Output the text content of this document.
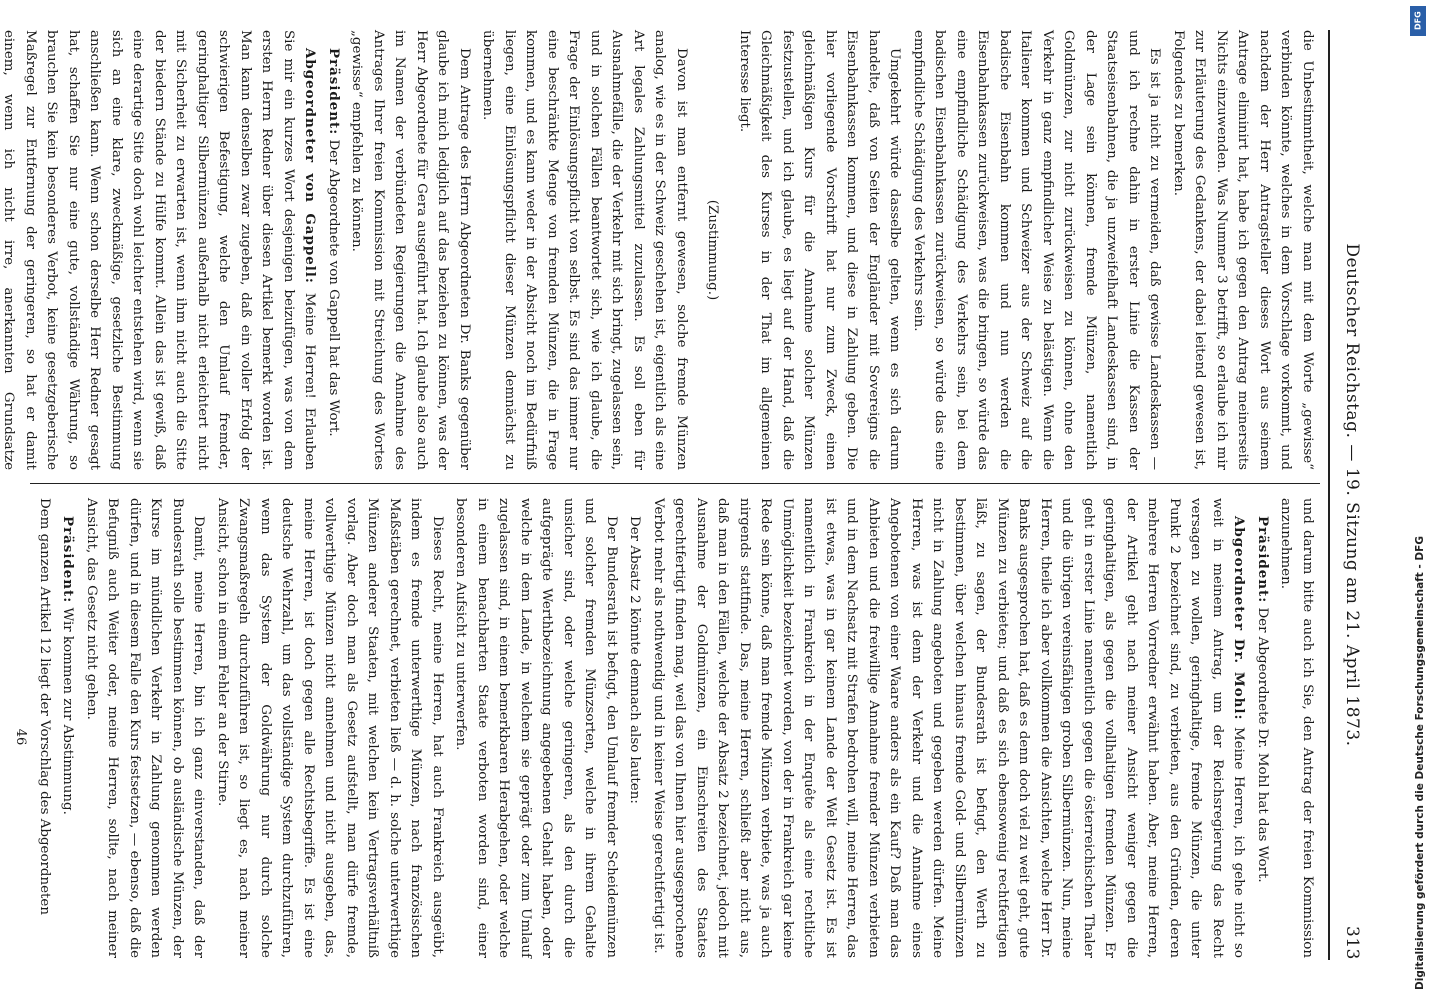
Deutscher Reichstag. — 19. Sitzung am 21. April 1873.
313

die Unbestimmtheit, welche man mit dem Worte „gewisse“ verbinden könnte, welches in dem Vorschlage vorkommt, und nachdem der Herr Antragsteller dieses Wort aus seinem Antrage eliminirt hat, habe ich gegen den Antrag meinerseits Nichts einzuwenden. Was Nummer 3 betrifft, so erlaube ich mir zur Erläuterung des Gedankens, der dabei leitend gewesen ist, Folgendes zu bemerken.

Es ist ja nicht zu vermeiden, daß gewisse Landeskassen — und ich rechne dahin in erster Linie die Kassen der Staatseisenbahnen, die ja unzweifelhaft Landeskassen sind, in der Lage sein können, fremde Münzen, namentlich Goldmünzen, zur nicht zurückweisen zu können, ohne den Verkehr in ganz empfindlicher Weise zu belästigen. Wenn die Italiener kommen und Schweizer aus der Schweiz auf die badische Eisenbahn kommen und nun werden die Eisenbahnkassen zurückweisen, was die bringen, so würde das eine empfindliche Schädigung des Verkehrs sein, bei dem badischen Eisenbahnkassen zurückweisen, so würde das eine empfindliche Schädigung des Verkehrs sein.

Umgekehrt würde dasselbe gelten, wenn es sich darum handelte, daß von Seiten der Engländer mit Sovereigns die Eisenbahnkassen kommen, und diese in Zahlung geben. Die hier vorliegende Vorschrift hat nur zum Zweck, einen gleichmäßigen Kurs für die Annahme solcher Münzen festzustellen, und ich glaube, es liegt auf der Hand, daß die Gleichmäßigkeit des Kurses in der That im allgemeinen Interesse liegt.

(Zustimmung.)

Davon ist man entfernt gewesen, solche fremde Münzen analog, wie es in der Schweiz geschehen ist, eigentlich als eine Art legales Zahlungsmittel zuzulassen. Es soll eben für Ausnahmefälle, die der Verkehr mit sich bringt, zugelassen sein, und in solchen Fällen beantwortet sich, wie ich glaube, die Frage der Einlösungspflicht von selbst. Es sind das immer nur eine beschränkte Menge von fremden Münzen, die in Frage kommen, und es kann weder in der Absicht noch im Bedürfniß liegen, eine Einlösungspflicht dieser Münzen demnächst zu übernehmen.

Dem Antrage des Herrn Abgeordneten Dr. Banks gegenüber glaube ich mich lediglich auf das beziehen zu können, was der Herr Abgeordnete für Gera ausgeführt hat. Ich glaube also auch im Namen der verbündeten Regierungen die Annahme des Antrages Ihrer freien Kommission mit Streichung des Wortes „gewisse“ empfehlen zu können.

Präsident: Der Abgeordnete von Gappell hat das Wort.

Abgeordneter von Gappell: Meine Herren! Erlauben Sie mir ein kurzes Wort desjenigen beizufügen, was von dem ersten Herrn Redner über diesen Artikel bemerkt worden ist. Man kann denselben zwar zugeben, daß ein voller Erfolg der schwierigen Befestigung, welche den Umlauf fremder, geringhaltiger Silbermünzen außerhalb nicht erleichtert nicht mit Sicherheit zu erwarten ist, wenn ihm nicht auch die Sitte der biedern Stände zu Hülfe kommt. Allein das ist gewiß, daß eine derartige Sitte doch wohl leichter entstehen wird, wenn sie sich an eine klare, zweckmäßige, gesetzliche Bestimmung anschließen kann. Wenn schon derselbe Herr Redner gesagt hat, schaffen Sie nur eine gute, vollständige Währung, so brauchen Sie kein besonderes Verbot, keine gesetzgeberische Maßregel zur Entfernung der geringeren, so hat er damit einem, wenn ich nicht irre, anerkannten Grundsatze

und darum bitte auch ich Sie, den Antrag der freien Kommission anzunehmen.

Präsident: Der Abgeordnete Dr. Mohl hat das Wort.

Abgeordneter Dr. Mohl: Meine Herren, ich gehe nicht so weit in meinem Antrag, um der Reichsregierung das Recht versagen zu wollen, geringhaltige, fremde Münzen, die unter Punkt 2 bezeichnet sind, zu verbieten, aus den Gründen, deren mehrere Herren Vorredner erwähnt haben. Aber, meine Herren, der Artikel geht nach meiner Ansicht weniger gegen die geringhaltigen, als gegen die vollhaltigen fremden Münzen. Er geht in erster Linie namentlich gegen die österreichischen Thaler und die übrigen vereinsfähigen groben Silbermünzen. Nun, meine Herren, theile ich aber vollkommen die Ansichten, welche Herr Dr. Banks ausgesprochen hat, daß es denn doch viel zu weit geht, gute Münzen zu verbieten; und daß es sich ebensowenig rechtfertigen läßt, zu sagen, der Bundesrath ist befugt, den Werth zu bestimmen, über welchen hinaus fremde Gold- und Silbermünzen nicht in Zahlung angeboten und gegeben werden dürfen. Meine Herren, was ist denn der Verkehr und die Annahme eines Angebotenen von einer Waare anders als ein Kauf? Daß man das Anbieten und die freiwillige Annahme fremder Münzen verbieten und in dem Nachsatz mit Strafen bedrohen will, meine Herren, das ist etwas, was in gar keinem Lande der Welt Gesetz ist. Es ist namentlich in Frankreich in der Enquête als eine rechtliche Unmöglichkeit bezeichnet worden, von der in Frankreich gar keine Rede sein könne, daß man fremde Münzen verbiete, was ja auch nirgends stattfinde. Das, meine Herren, schließt aber nicht aus, daß man in den Fällen, welche der Absatz 2 bezeichnet, jedoch mit Ausnahme der Goldmünzen, ein Einschreiten des Staates gerechtfertigt finden mag, weil das von Ihnen hier ausgesprochene Verbot mehr als nothwendig und in keiner Weise gerechtfertigt ist.

Der Absatz 2 könnte demnach also lauten:

Der Bundesrath ist befugt, den Umlauf fremder Scheidemünzen und solcher fremden Münzsorten, welche in ihrem Gehalte unsicher sind, oder welche geringeren, als den durch die aufgeprägte Werthbezeichnung angegebenen Gehalt haben, oder welche in dem Lande, in welchem sie geprägt oder zum Umlauf zugelassen sind, in einem bemerkbaren Herabgehen, oder welche in einem benachbarten Staate verboten worden sind, einer besonderen Aufsicht zu unterwerfen.

Dieses Recht, meine Herren, hat auch Frankreich ausgeübt, indem es fremde unterwerthige Münzen, nach französischen Maßstäben gerechnet, verbieten ließ — d. h. solche unterwerthige Münzen anderer Staaten, mit welchen kein Vertragsverhältniß vorlag. Aber doch man als Gesetz aufstellt, man dürfe fremde, vollwerthige Münzen nicht annehmen und nicht ausgeben, das, meine Herren, ist doch gegen alle Rechtsbegriffe. Es ist eine deutsche Wehrzahl, um das vollständige System durchzuführen, wenn das System der Goldwährung nur durch solche Zwangsmaßregeln durchzuführen ist, so liegt es, nach meiner Ansicht, schon in einem Fehler an der Stirne.

Damit, meine Herren, bin ich ganz einverstanden, daß der Bundesrath solle bestimmen können, ob ausländische Münzen, der Kurse im mündlichen Verkehr in Zahlung genommen werden dürfen, und in diesem Falle den Kurs festsetzen, — ebenso, daß die Befugniß auch Weiter oder, meine Herren, sollte, nach meiner Ansicht, das Gesetz nicht gehen.

Präsident: Wir kommen zur Abstimmung.

Dem ganzen Artikel 12 liegt der Vorschlag des Abgeordneten

46

DFG
Digitalisierung gefördert durch die Deutsche Forschungsgemeinschaft - DFG
